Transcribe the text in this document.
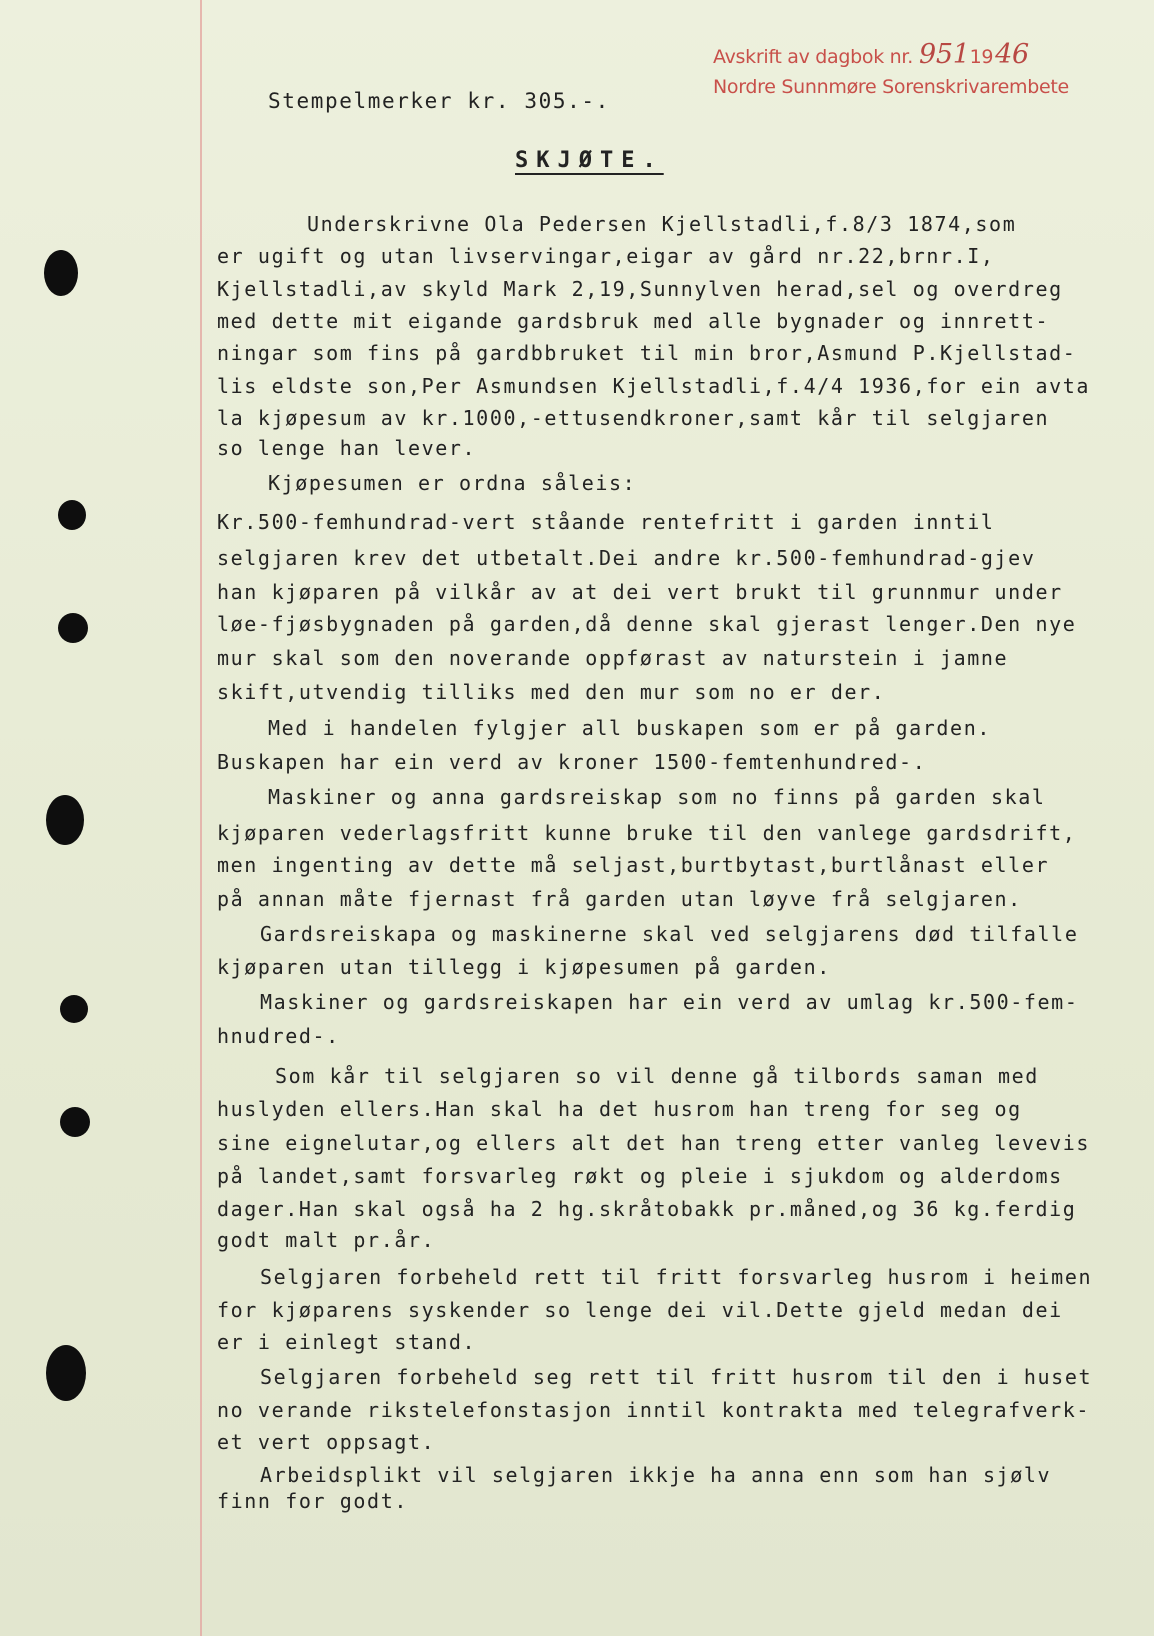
Avskrift av dagbok nr. 9511946
Nordre Sunnmøre Sorenskrivarembete
Stempelmerker kr. 305.-.
SKJØTE.
Underskrivne Ola Pedersen Kjellstadli,f.8/3 1874,som
er ugift og utan livservingar,eigar av gård nr.22,brnr.I,
Kjellstadli,av skyld Mark 2,19,Sunnylven herad,sel og overdreg
med dette mit eigande gardsbruk med alle bygnader og innrett-
ningar som fins på gardbbruket til min bror,Asmund P.Kjellstad-
lis eldste son,Per Asmundsen Kjellstadli,f.4/4 1936,for ein avta
la kjøpesum av kr.1000,-ettusendkroner,samt kår til selgjaren
so lenge han lever.
Kjøpesumen er ordna såleis:
Kr.500-femhundrad-vert ståande rentefritt i garden inntil
selgjaren krev det utbetalt.Dei andre kr.500-femhundrad-gjev
han kjøparen på vilkår av at dei vert brukt til grunnmur under
løe-fjøsbygnaden på garden,då denne skal gjerast lenger.Den nye
mur skal som den noverande oppførast av naturstein i jamne
skift,utvendig tilliks med den mur som no er der.
Med i handelen fylgjer all buskapen som er på garden.
Buskapen har ein verd av kroner 1500-femtenhundred-.
Maskiner og anna gardsreiskap som no finns på garden skal
kjøparen vederlagsfritt kunne bruke til den vanlege gardsdrift,
men ingenting av dette må seljast,burtbytast,burtlånast eller
på annan måte fjernast frå garden utan løyve frå selgjaren.
Gardsreiskapa og maskinerne skal ved selgjarens død tilfalle
kjøparen utan tillegg i kjøpesumen på garden.
Maskiner og gardsreiskapen har ein verd av umlag kr.500-fem-
hnudred-.
Som kår til selgjaren so vil denne gå tilbords saman med
huslyden ellers.Han skal ha det husrom han treng for seg og
sine eignelutar,og ellers alt det han treng etter vanleg levevis
på landet,samt forsvarleg røkt og pleie i sjukdom og alderdoms
dager.Han skal også ha 2 hg.skråtobakk pr.måned,og 36 kg.ferdig
godt malt pr.år.
Selgjaren forbeheld rett til fritt forsvarleg husrom i heimen
for kjøparens syskender so lenge dei vil.Dette gjeld medan dei
er i einlegt stand.
Selgjaren forbeheld seg rett til fritt husrom til den i huset
no verande rikstelefonstasjon inntil kontrakta med telegrafverk-
et vert oppsagt.
Arbeidsplikt vil selgjaren ikkje ha anna enn som han sjølv
finn for godt.
